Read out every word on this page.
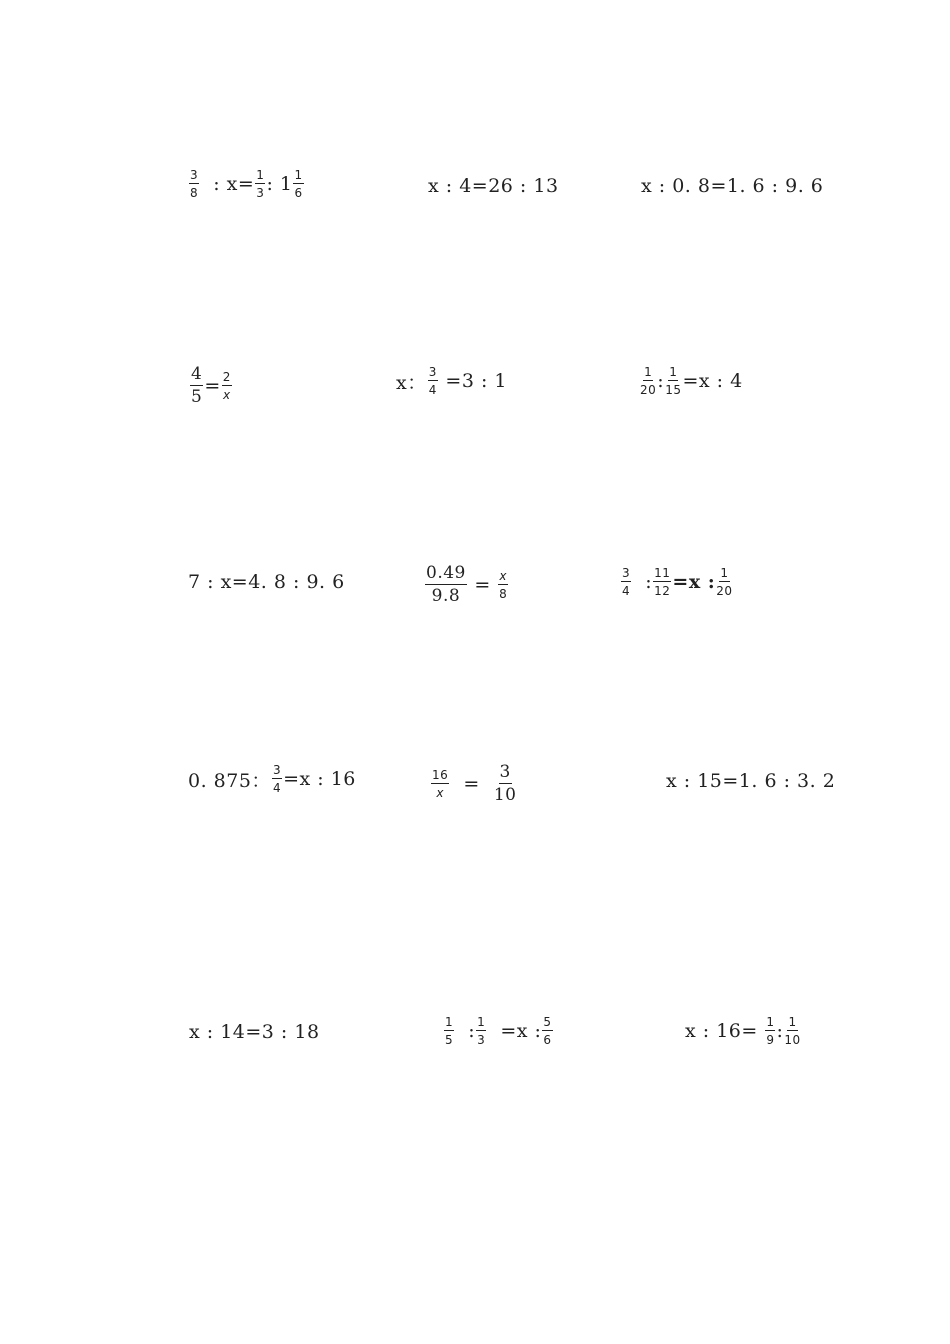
$\frac{3}{8}$ : $x= \frac{1}{3}$ : $1 \frac{1}{6}$	x : 4=26 : 13	x : 0. 8=1. 6 : 9. 6
$\frac{4}{5} = \frac{2}{x}$	x： $\frac{3}{4} =3$ : 1	$\frac{1}{20}$ : $\frac{1}{15} =x$ : 4
7 : x=4. 8 : 9. 6	$\frac{0.49}{9.8} = \frac{x}{8}$	$\frac{3}{4}$ : $\frac{11}{12} =x$ : $\frac{1}{20}$
0. 875： $\frac{3}{4} =x$ : 16	$\frac{16}{x} = \frac{3}{10}$	x : 15=1. 6 : 3. 2
x : 14=3 : 18	$\frac{1}{5}$ : $\frac{1}{3} =x$ : $\frac{5}{6}$	x : $16= \frac{1}{9}$ : $\frac{1}{10}$
